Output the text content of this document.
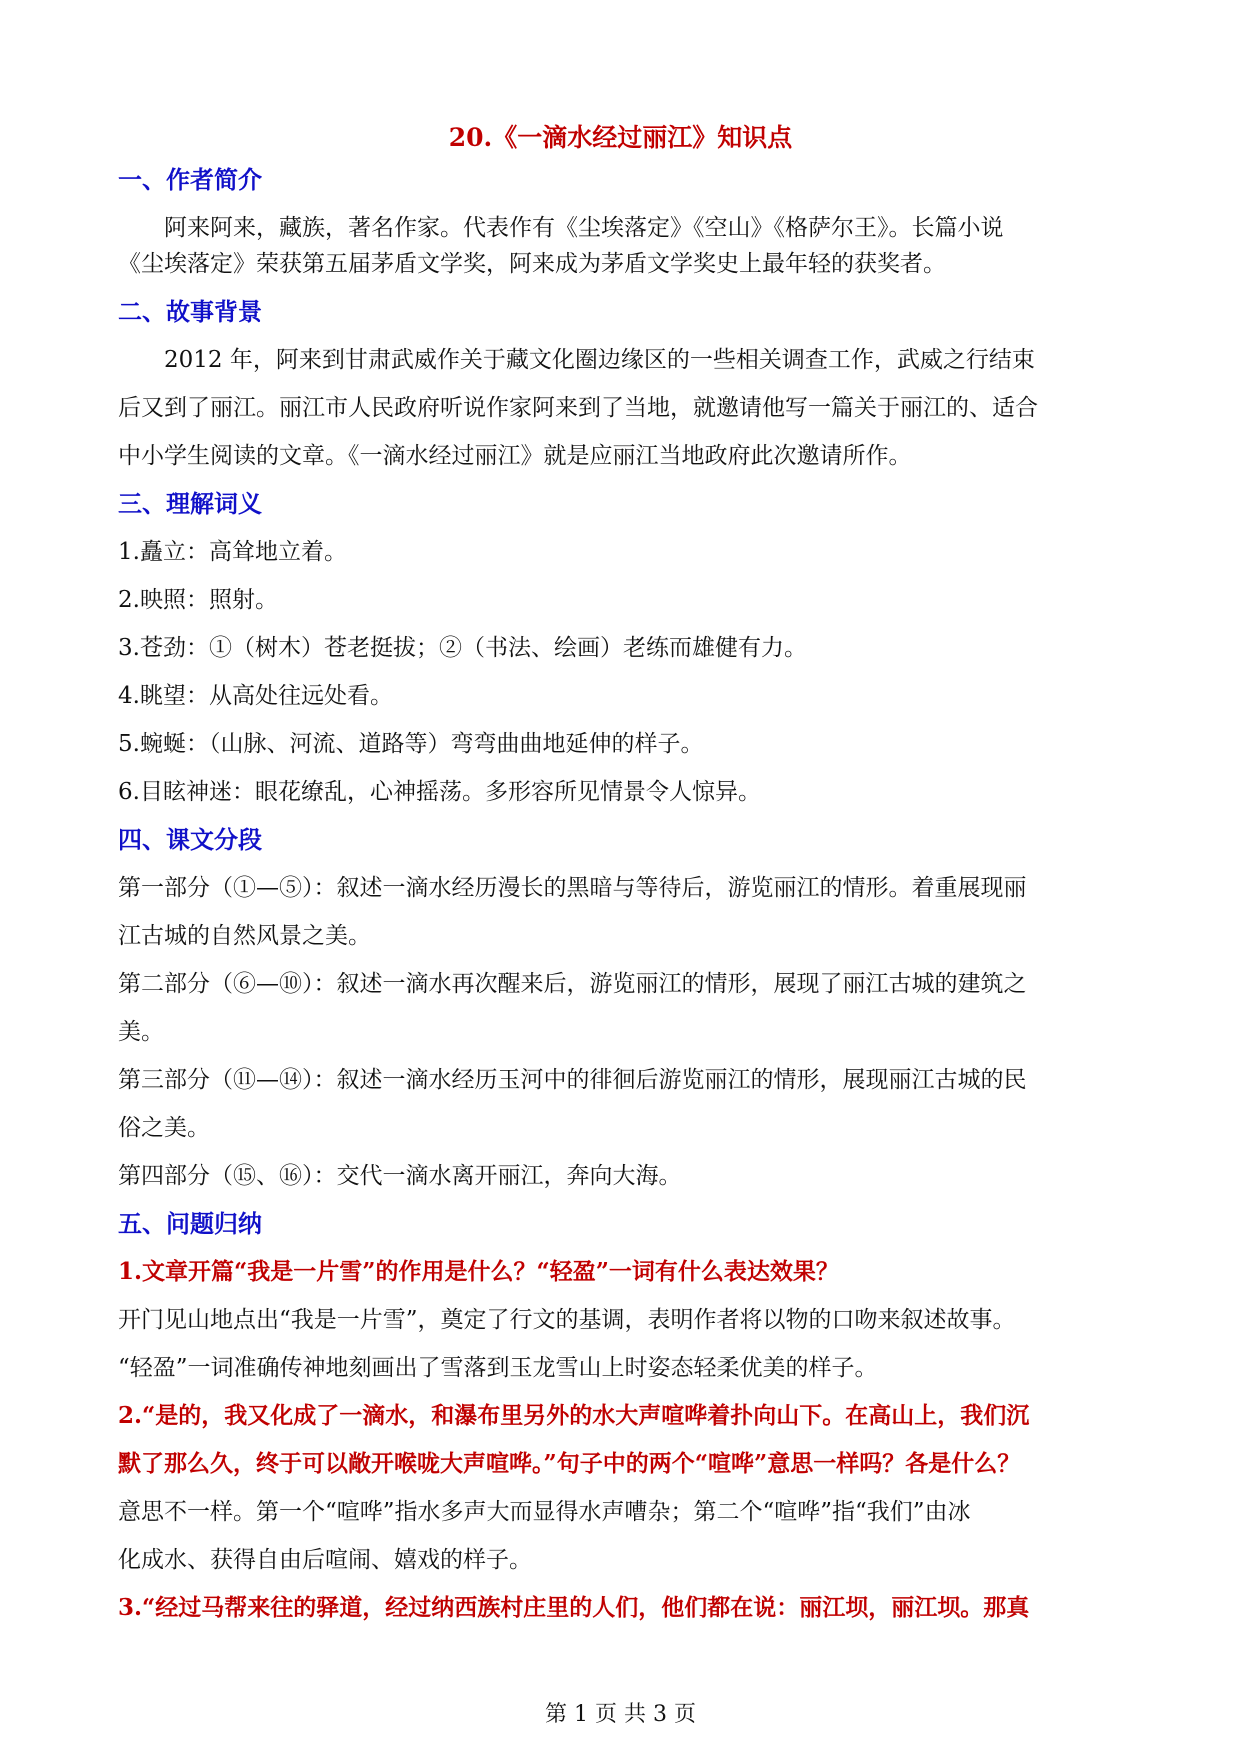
20.《一滴水经过丽江》知识点
一、作者简介
阿来阿来，藏族，著名作家。代表作有《尘埃落定》《空山》《格萨尔王》。长篇小说
《尘埃落定》荣获第五届茅盾文学奖，阿来成为茅盾文学奖史上最年轻的获奖者。
二、故事背景
2012 年，阿来到甘肃武威作关于藏文化圈边缘区的一些相关调查工作，武威之行结束
后又到了丽江。丽江市人民政府听说作家阿来到了当地，就邀请他写一篇关于丽江的、适合
中小学生阅读的文章。《一滴水经过丽江》就是应丽江当地政府此次邀请所作。
三、理解词义
1.矗立：高耸地立着。
2.映照：照射。
3.苍劲：①（树木）苍老挺拔；②（书法、绘画）老练而雄健有力。
4.眺望：从高处往远处看。
5.蜿蜒：（山脉、河流、道路等）弯弯曲曲地延伸的样子。
6.目眩神迷：眼花缭乱，心神摇荡。多形容所见情景令人惊异。
四、课文分段
第一部分（①—⑤）：叙述一滴水经历漫长的黑暗与等待后，游览丽江的情形。着重展现丽
江古城的自然风景之美。
第二部分（⑥—⑩）：叙述一滴水再次醒来后，游览丽江的情形，展现了丽江古城的建筑之
美。
第三部分（⑪—⑭）：叙述一滴水经历玉河中的徘徊后游览丽江的情形，展现丽江古城的民
俗之美。
第四部分（⑮、⑯）：交代一滴水离开丽江，奔向大海。
五、问题归纳
1.文章开篇“我是一片雪”的作用是什么？“轻盈”一词有什么表达效果？
开门见山地点出“我是一片雪”，奠定了行文的基调，表明作者将以物的口吻来叙述故事。
“轻盈”一词准确传神地刻画出了雪落到玉龙雪山上时姿态轻柔优美的样子。
2.“是的，我又化成了一滴水，和瀑布里另外的水大声喧哗着扑向山下。在高山上，我们沉
默了那么久，终于可以敞开喉咙大声喧哗。”句子中的两个“喧哗”意思一样吗？各是什么？
意思不一样。第一个“喧哗”指水多声大而显得水声嘈杂；第二个“喧哗”指“我们”由冰
化成水、获得自由后喧闹、嬉戏的样子。
3.“经过马帮来往的驿道，经过纳西族村庄里的人们，他们都在说：丽江坝，丽江坝。那真
第 1 页 共 3 页
